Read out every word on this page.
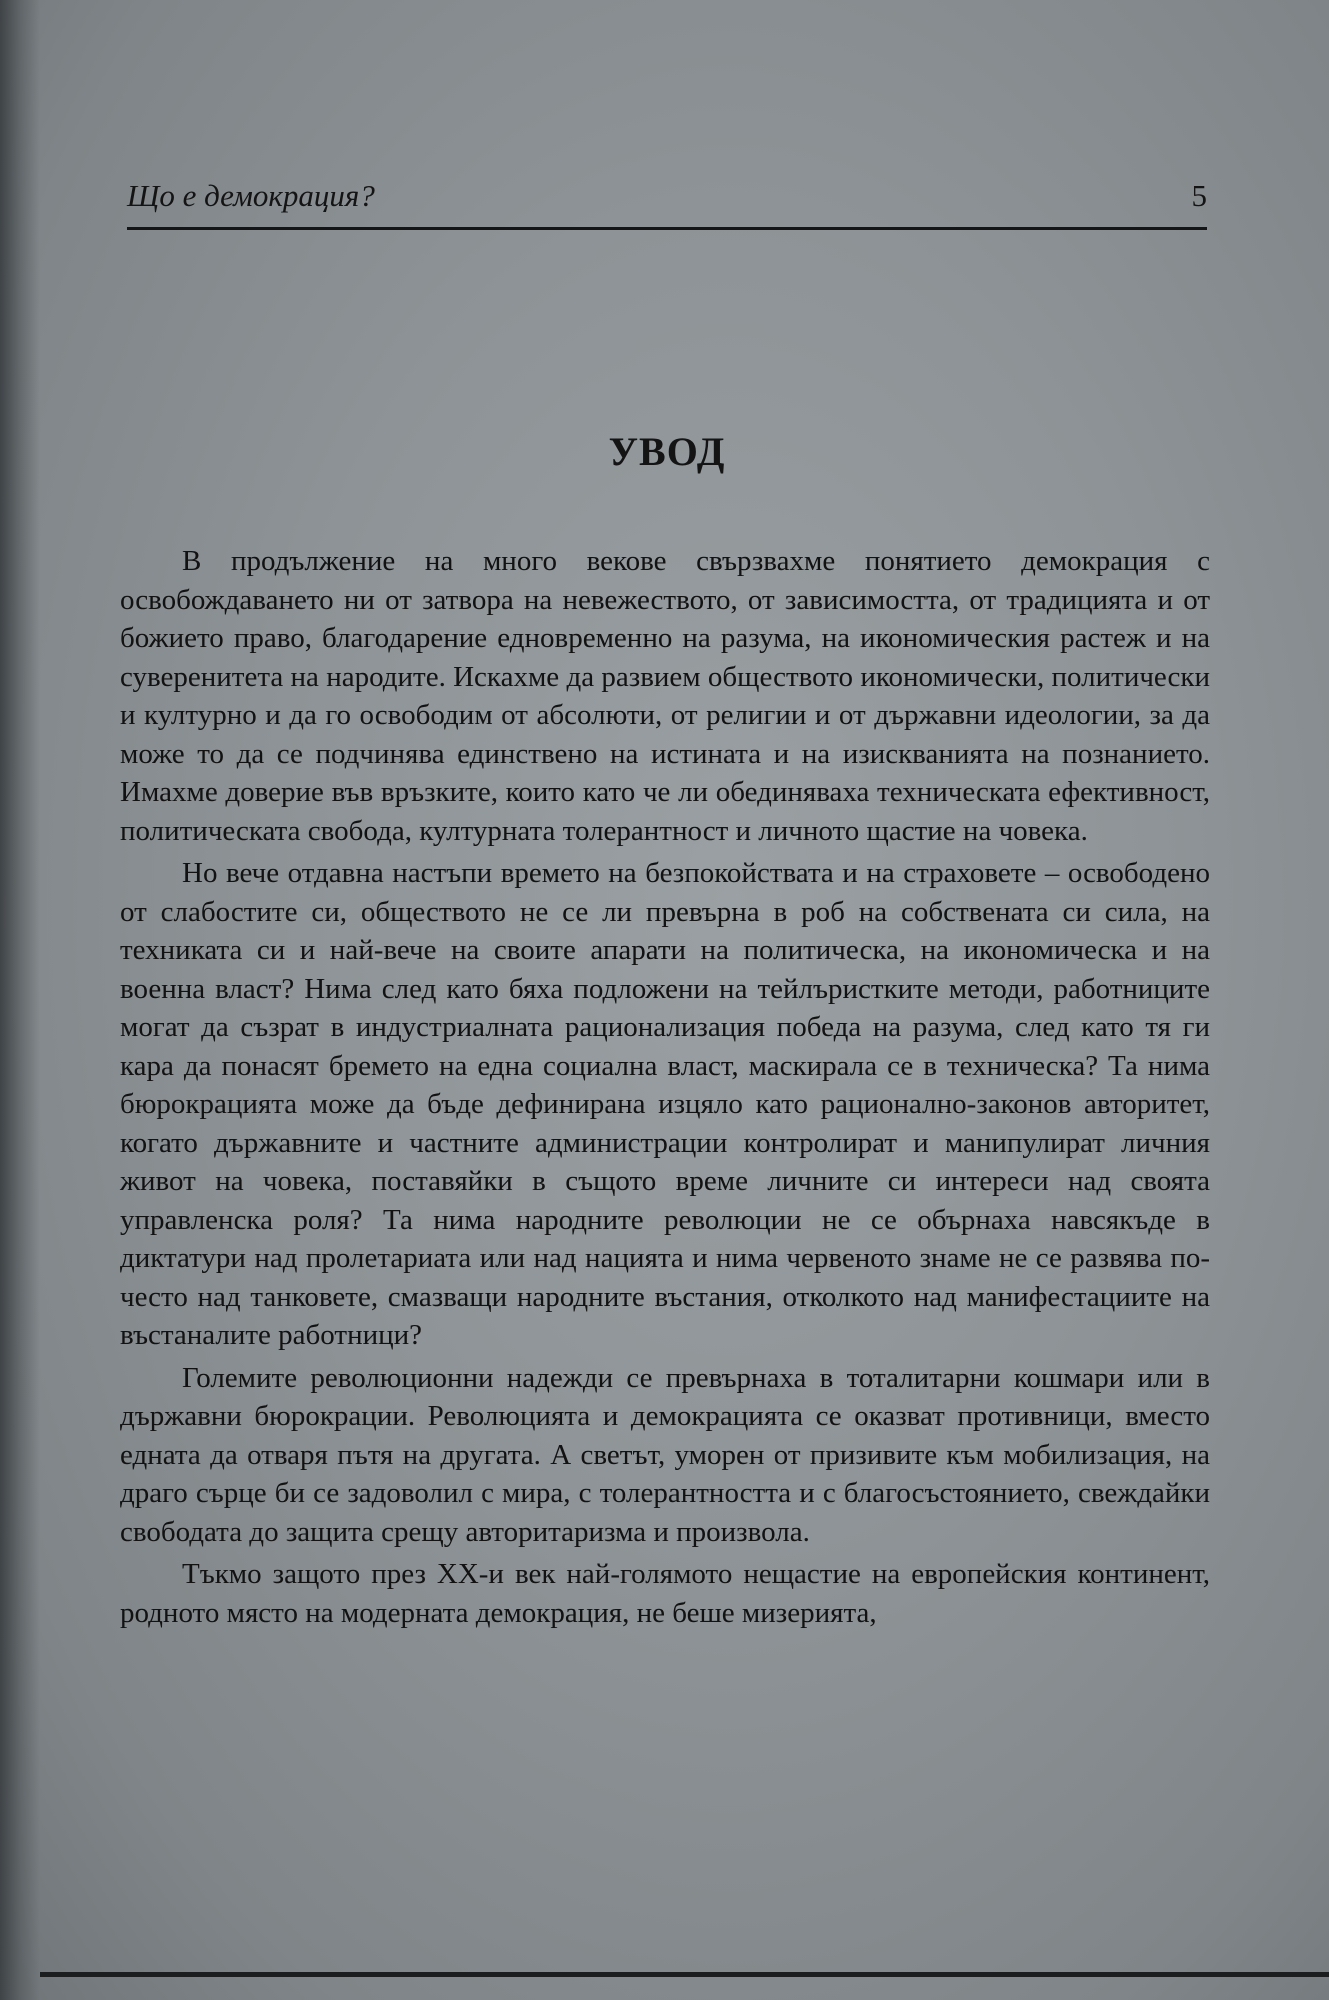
Що е демокрация?	5
УВОД

В продължение на много векове свързвахме понятието демокрация с освобождаването ни от затвора на невежеството, от зависимостта, от традицията и от божието право, благодарение едновременно на разума, на икономическия растеж и на суверенитета на народите. Искахме да развием обществото икономически, политически и културно и да го освободим от абсолюти, от религии и от държавни идеологии, за да може то да се подчинява единствено на истината и на изискванията на познанието. Имахме доверие във връзките, които като че ли обединяваха техническата ефективност, политическата свобода, културната толерантност и личното щастие на човека.

Но вече отдавна настъпи времето на безпокойствата и на страховете – освободено от слабостите си, обществото не се ли превърна в роб на собствената си сила, на техниката си и най-вече на своите апарати на политическа, на икономическа и на военна власт? Нима след като бяха подложени на тейлъристките методи, работниците могат да съзрат в индустриалната рационализация победа на разума, след като тя ги кара да понасят бремето на една социална власт, маскирала се в техническа? Та нима бюрокрацията може да бъде дефинирана изцяло като рационално-законов авторитет, когато държавните и частните администрации контролират и манипулират личния живот на човека, поставяйки в същото време личните си интереси над своята управленска роля? Та нима народните революции не се обърнаха навсякъде в диктатури над пролетариата или над нацията и нима червеното знаме не се развява по-често над танковете, смазващи народните въстания, отколкото над манифестациите на въстаналите работници?

Големите революционни надежди се превърнаха в тоталитарни кошмари или в държавни бюрокрации. Революцията и демокрацията се оказват противници, вместо едната да отваря пътя на другата. А светът, уморен от призивите към мобилизация, на драго сърце би се задоволил с мира, с толерантността и с благосъстоянието, свеждайки свободата до защита срещу авторитаризма и произвола.

Тъкмо защото през XX-и век най-голямото нещастие на европейския континент, родното място на модерната демокрация, не беше мизерията,
